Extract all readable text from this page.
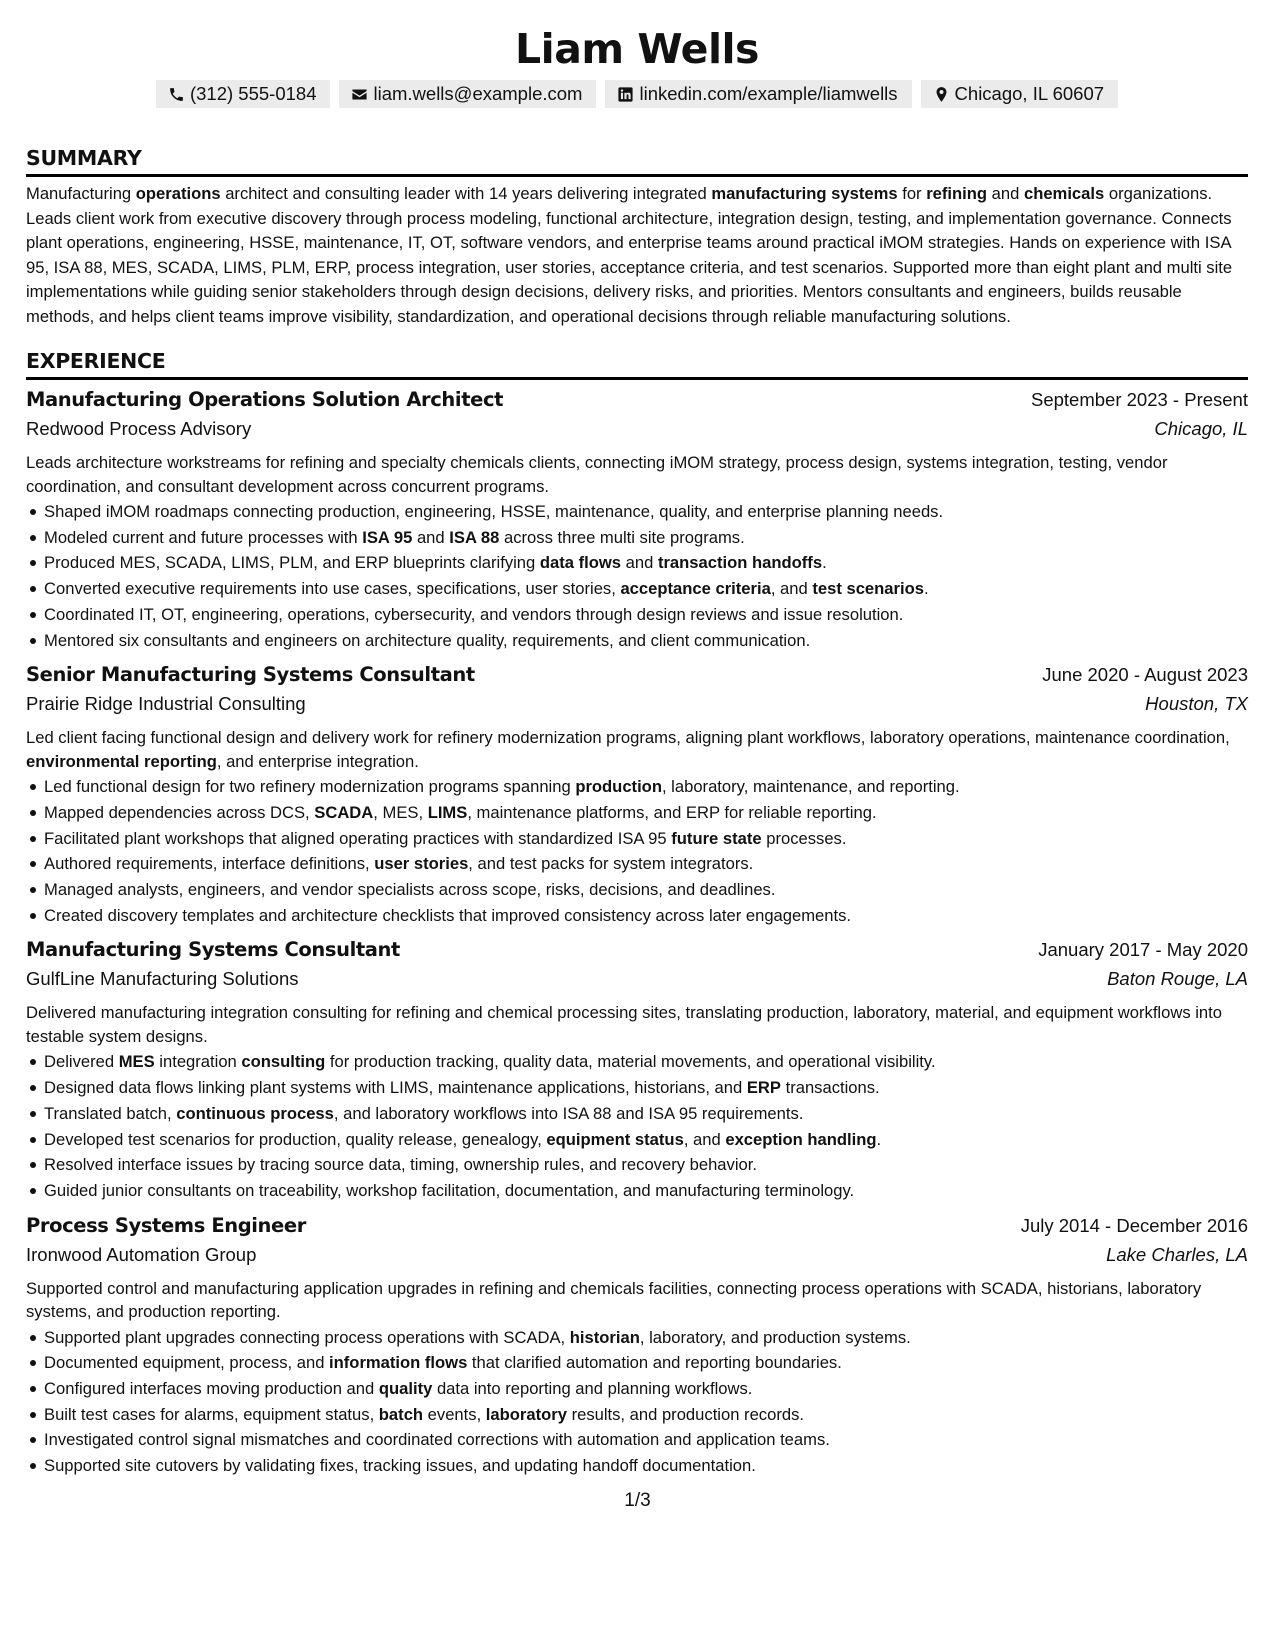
Liam Wells
(312) 555-0184	liam.wells@example.com	linkedin.com/example/liamwells	Chicago, IL 60607
SUMMARY

Manufacturing operations architect and consulting leader with 14 years delivering integrated manufacturing systems for refining and chemicals organizations. Leads client work from executive discovery through process modeling, functional architecture, integration design, testing, and implementation governance. Connects plant operations, engineering, HSSE, maintenance, IT, OT, software vendors, and enterprise teams around practical iMOM strategies. Hands on experience with ISA 95, ISA 88, MES, SCADA, LIMS, PLM, ERP, process integration, user stories, acceptance criteria, and test scenarios. Supported more than eight plant and multi site implementations while guiding senior stakeholders through design decisions, delivery risks, and priorities. Mentors consultants and engineers, builds reusable methods, and helps client teams improve visibility, standardization, and operational decisions through reliable manufacturing solutions.

EXPERIENCE
Manufacturing Operations Solution Architect	September 2023 - Present
Redwood Process Advisory	Chicago, IL

Leads architecture workstreams for refining and specialty chemicals clients, connecting iMOM strategy, process design, systems integration, testing, vendor coordination, and consultant development across concurrent programs.

Shaped iMOM roadmaps connecting production, engineering, HSSE, maintenance, quality, and enterprise planning needs.
Modeled current and future processes with ISA 95 and ISA 88 across three multi site programs.
Produced MES, SCADA, LIMS, PLM, and ERP blueprints clarifying data flows and transaction handoffs.
Converted executive requirements into use cases, specifications, user stories, acceptance criteria, and test scenarios.
Coordinated IT, OT, engineering, operations, cybersecurity, and vendors through design reviews and issue resolution.
Mentored six consultants and engineers on architecture quality, requirements, and client communication.
Senior Manufacturing Systems Consultant	June 2020 - August 2023
Prairie Ridge Industrial Consulting	Houston, TX

Led client facing functional design and delivery work for refinery modernization programs, aligning plant workflows, laboratory operations, maintenance coordination, environmental reporting, and enterprise integration.

Led functional design for two refinery modernization programs spanning production, laboratory, maintenance, and reporting.
Mapped dependencies across DCS, SCADA, MES, LIMS, maintenance platforms, and ERP for reliable reporting.
Facilitated plant workshops that aligned operating practices with standardized ISA 95 future state processes.
Authored requirements, interface definitions, user stories, and test packs for system integrators.
Managed analysts, engineers, and vendor specialists across scope, risks, decisions, and deadlines.
Created discovery templates and architecture checklists that improved consistency across later engagements.
Manufacturing Systems Consultant	January 2017 - May 2020
GulfLine Manufacturing Solutions	Baton Rouge, LA

Delivered manufacturing integration consulting for refining and chemical processing sites, translating production, laboratory, material, and equipment workflows into testable system designs.

Delivered MES integration consulting for production tracking, quality data, material movements, and operational visibility.
Designed data flows linking plant systems with LIMS, maintenance applications, historians, and ERP transactions.
Translated batch, continuous process, and laboratory workflows into ISA 88 and ISA 95 requirements.
Developed test scenarios for production, quality release, genealogy, equipment status, and exception handling.
Resolved interface issues by tracing source data, timing, ownership rules, and recovery behavior.
Guided junior consultants on traceability, workshop facilitation, documentation, and manufacturing terminology.
Process Systems Engineer	July 2014 - December 2016
Ironwood Automation Group	Lake Charles, LA

Supported control and manufacturing application upgrades in refining and chemicals facilities, connecting process operations with SCADA, historians, laboratory systems, and production reporting.

Supported plant upgrades connecting process operations with SCADA, historian, laboratory, and production systems.
Documented equipment, process, and information flows that clarified automation and reporting boundaries.
Configured interfaces moving production and quality data into reporting and planning workflows.
Built test cases for alarms, equipment status, batch events, laboratory results, and production records.
Investigated control signal mismatches and coordinated corrections with automation and application teams.
Supported site cutovers by validating fixes, tracking issues, and updating handoff documentation.
1/3
